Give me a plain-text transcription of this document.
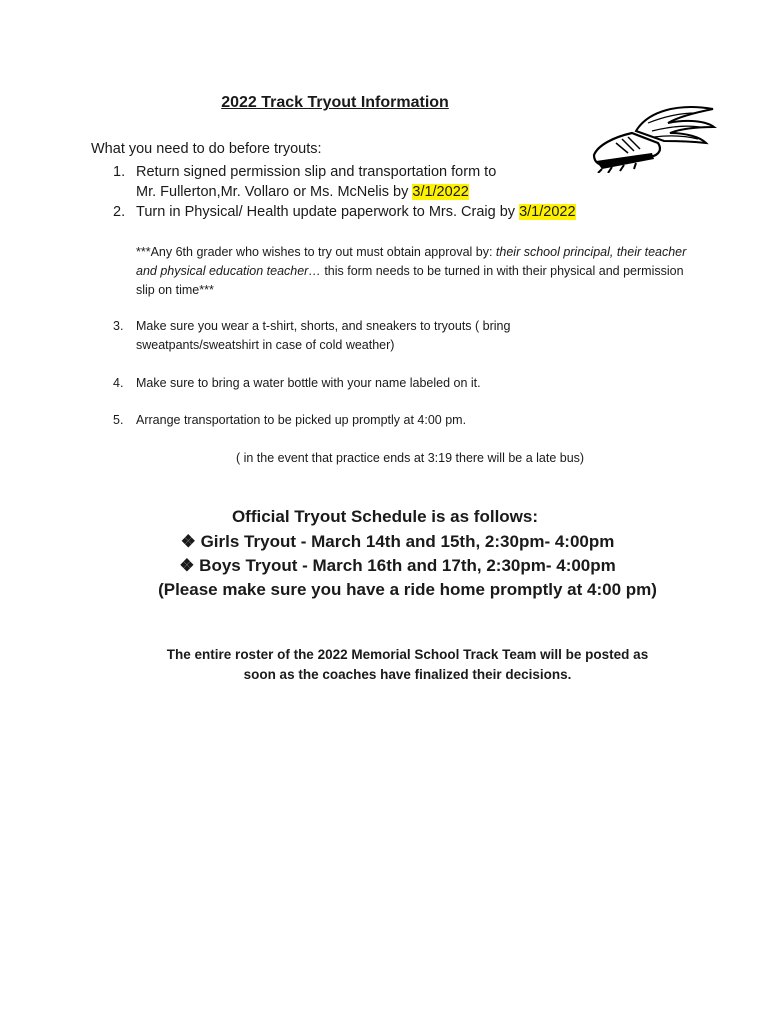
2022 Track Tryout Information
What you need to do before tryouts:
1. Return signed permission slip and transportation form to
Mr. Fullerton,Mr. Vollaro or Ms. McNelis by 3/1/2022
2. Turn in Physical/ Health update paperwork to Mrs. Craig by 3/1/2022
***Any 6th grader who wishes to try out must obtain approval by: their school principal, their teacher and physical education teacher… this form needs to be turned in with their physical and permission slip on time***
3. Make sure you wear a t-shirt, shorts, and sneakers to tryouts ( bring
sweatpants/sweatshirt in case of cold weather)
4. Make sure to bring a water bottle with your name labeled on it.
5. Arrange transportation to be picked up promptly at 4:00 pm.
( in the event that practice ends at 3:19 there will be a late bus)
Official Tryout Schedule is as follows:
❖ Girls Tryout - March 14th and 15th, 2:30pm- 4:00pm
❖ Boys Tryout - March 16th and 17th, 2:30pm- 4:00pm
(Please make sure you have a ride home promptly at 4:00 pm)
The entire roster of the 2022 Memorial School Track Team will be posted as
soon as the coaches have finalized their decisions.
